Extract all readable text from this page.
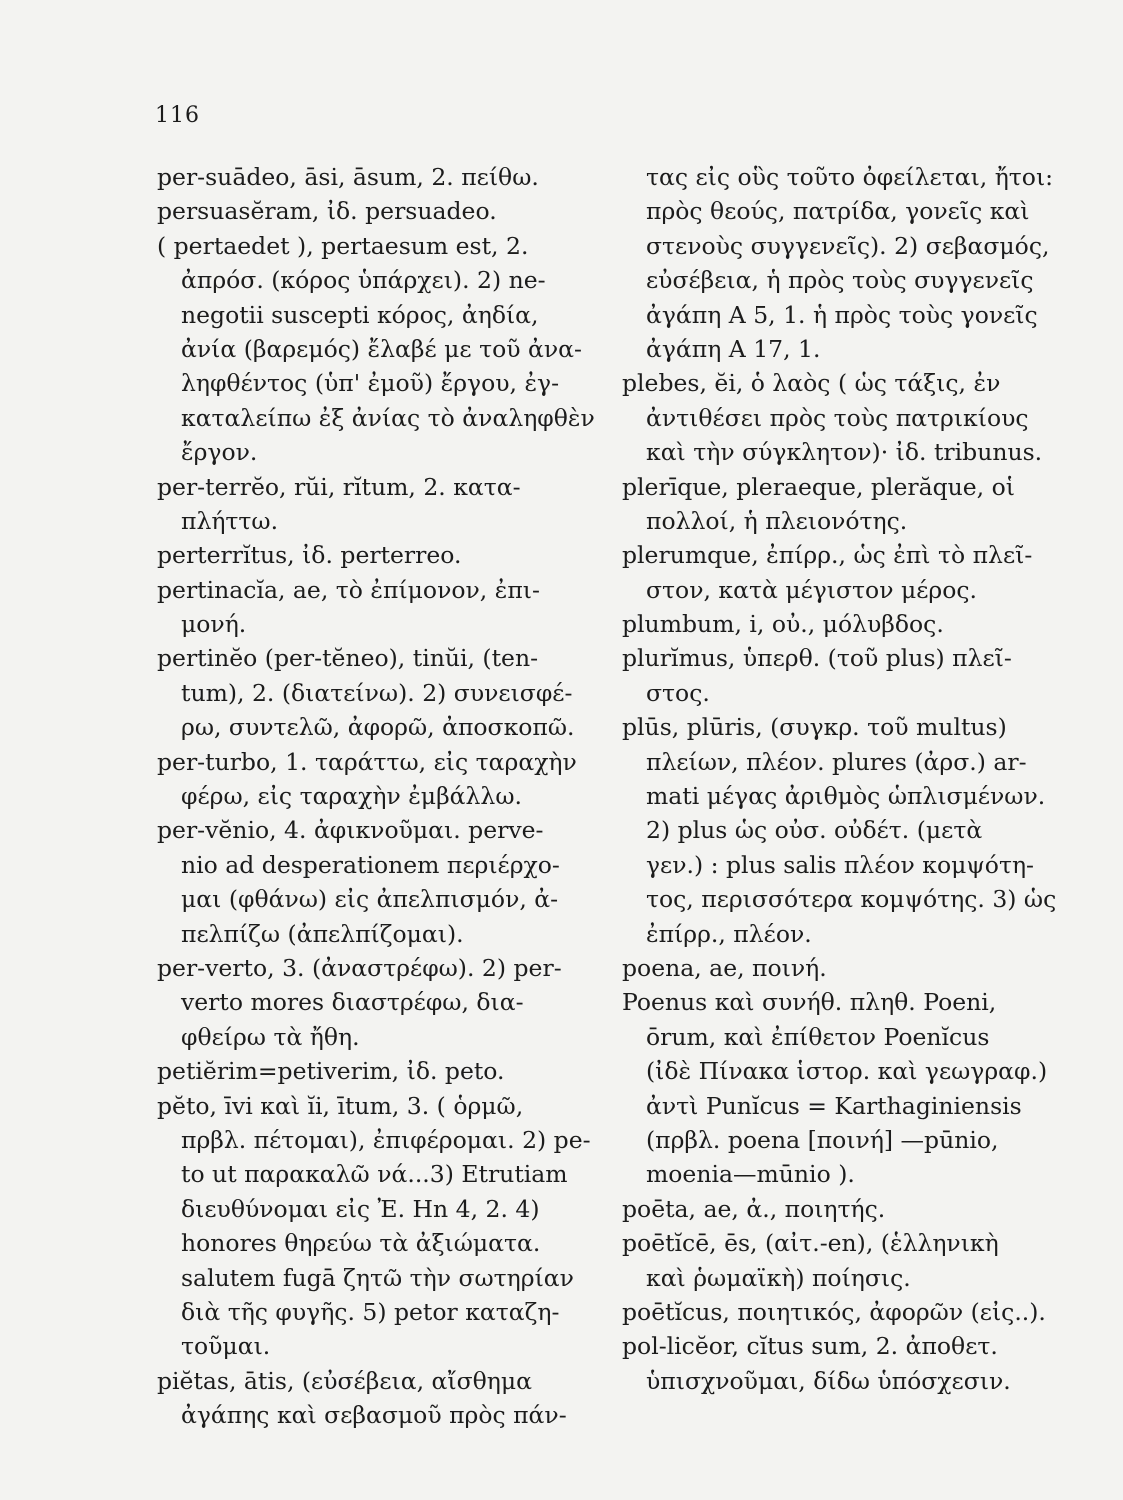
116
per-suādeo, āsi, āsum, 2. πείθω.
persuasĕram, ἰδ. persuadeo.
( pertaedet ), pertaesum est, 2.
ἀπρόσ. (κόρος ὑπάρχει). 2) ne-
negotii suscepti κόρος, ἀηδία,
ἀνία (βαρεμός) ἔλαβέ με τοῦ ἀνα-
ληφθέντος (ὑπ' ἐμοῦ) ἔργου, ἐγ-
καταλείπω ἐξ ἀνίας τὸ ἀναληφθὲν
ἔργον.
per-terrĕo, rŭi, rĭtum, 2. κατα-
πλήττω.
perterrĭtus, ἰδ. perterreo.
pertinacĭa, ae, τὸ ἐπίμονον, ἐπι-
μονή.
pertinĕo (per-tĕneo), tinŭi, (ten-
tum), 2. (διατείνω). 2) συνεισφέ-
ρω, συντελῶ, ἀφορῶ, ἀποσκοπῶ.
per-turbo, 1. ταράττω, εἰς ταραχὴν
φέρω, εἰς ταραχὴν ἐμβάλλω.
per-vĕnio, 4. ἀφικνοῦμαι. perve-
nio ad desperationem περιέρχο-
μαι (φθάνω) εἰς ἀπελπισμόν, ἀ-
πελπίζω (ἀπελπίζομαι).
per-verto, 3. (ἀναστρέφω). 2) per-
verto mores διαστρέφω, δια-
φθείρω τὰ ἤθη.
petiĕrim=petiverim, ἰδ. peto.
pĕto, īvi καὶ ĭi, ītum, 3. ( ὁρμῶ,
πρβλ. πέτομαι), ἐπιφέρομαι. 2) pe-
to ut παρακαλῶ νά...3) Etrutiam
διευθύνομαι εἰς Ἐ. Hn 4, 2. 4)
honores θηρεύω τὰ ἀξιώματα.
salutem fugā ζητῶ τὴν σωτηρίαν
διὰ τῆς φυγῆς. 5) petor καταζη-
τοῦμαι.
piĕtas, ātis, (εὐσέβεια, αἴσθημα
ἀγάπης καὶ σεβασμοῦ πρὸς πάν-
τας εἰς οὓς τοῦτο ὀφείλεται, ἤτοι:
πρὸς θεούς, πατρίδα, γονεῖς καὶ
στενοὺς συγγενεῖς). 2) σεβασμός,
εὐσέβεια, ἡ πρὸς τοὺς συγγενεῖς
ἀγάπη A 5, 1. ἡ πρὸς τοὺς γονεῖς
ἀγάπη A 17, 1.
plebes, ĕi, ὁ λαὸς ( ὡς τάξις, ἐν
ἀντιθέσει πρὸς τοὺς πατρικίους
καὶ τὴν σύγκλητον)· ἰδ. tribunus.
plerīque, pleraeque, plerăque, οἱ
πολλοί, ἡ πλειονότης.
plerumque, ἐπίρρ., ὡς ἐπὶ τὸ πλεῖ-
στον, κατὰ μέγιστον μέρος.
plumbum, i, οὐ., μόλυβδος.
plurĭmus, ὑπερθ. (τοῦ plus) πλεῖ-
στος.
plūs, plūris, (συγκρ. τοῦ multus)
πλείων, πλέον. plures (ἀρσ.) ar-
mati μέγας ἀριθμὸς ὡπλισμένων.
2) plus ὡς οὐσ. οὐδέτ. (μετὰ
γεν.) : plus salis πλέον κομψότη-
τος, περισσότερα κομψότης. 3) ὡς
ἐπίρρ., πλέον.
poena, ae, ποινή.
Poenus καὶ συνήθ. πληθ. Poeni,
ōrum, καὶ ἐπίθετον Poenĭcus
(ἰδὲ Πίνακα ἱστορ. καὶ γεωγραφ.)
ἀντὶ Punĭcus = Karthaginiensis
(πρβλ. poena [ποινή] —pūnio,
moenia—mūnio ).
poēta, ae, ἀ., ποιητής.
poētĭcē, ēs, (αἰτ.-en), (ἑλληνικὴ
καὶ ῥωμαϊκὴ) ποίησις.
poētĭcus, ποιητικός, ἀφορῶν (εἰς..).
pol-licĕor, cĭtus sum, 2. ἀποθετ.
ὑπισχνοῦμαι, δίδω ὑπόσχεσιν.
